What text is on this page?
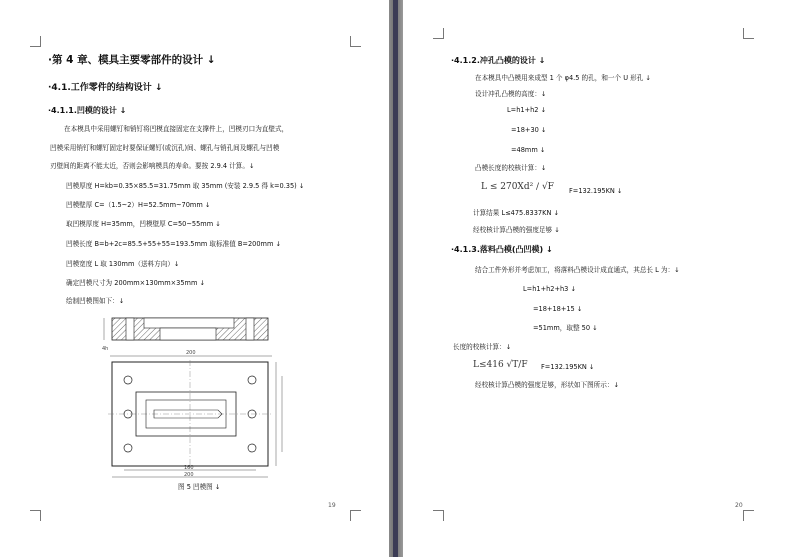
·第 4 章、模具主要零部件的设计 ↓
·4.1.工作零件的结构设计 ↓
·4.1.1.凹模的设计 ↓
在本模具中采用螺钉和销钉将凹模直接固定在支撑件上，凹模刃口为直壁式，
凹模采用销钉和螺钉固定时要保证螺钉(或沉孔)间、螺孔与销孔间及螺孔与凹模
刃壁间的距离不能太近，否则会影响模具的寿命。要按 2.9.4 计算。↓
凹模厚度 H=kb=0.35×85.5=31.75mm 取 35mm (安装 2.9.5 得 k=0.35) ↓
凹模壁厚 C=（1.5~2）H=52.5mm~70mm ↓
取凹模厚度 H=35mm，凹模壁厚 C=50~55mm ↓
凹模长度 B=b+2c=85.5+55+55=193.5mm 取标准值 B=200mm ↓
凹模宽度 L 取 130mm（送料方向）↓
确定凹模尺寸为 200mm×130mm×35mm ↓
绘制凹模图如下：↓
4h
200
160
200
图 5 凹模图 ↓
19
·4.1.2.冲孔凸模的设计 ↓
在本模具中凸模用来成型 1 个 φ4.5 的孔，和一个 U 形孔 ↓
设计冲孔凸模的高度：↓
L=h1+h2 ↓
=18+30 ↓
=48mm ↓
凸模长度的校核计算：↓
L ≤ 270Xd² ∕ √F F=132.195KN ↓
计算结果 L≤475.8337KN ↓
经校核计算凸模的强度足够 ↓
·4.1.3.落料凸模(凸凹模) ↓
结合工件外形并考虑加工，将落料凸模设计成直通式，其总长 L 为：↓
L=h1+h2+h3 ↓
=18+18+15 ↓
=51mm，取整 50 ↓
长度的校核计算：↓
L≤416 √T/F F=132.195KN ↓
经校核计算凸模的强度足够，形状如下图所示：↓
20
